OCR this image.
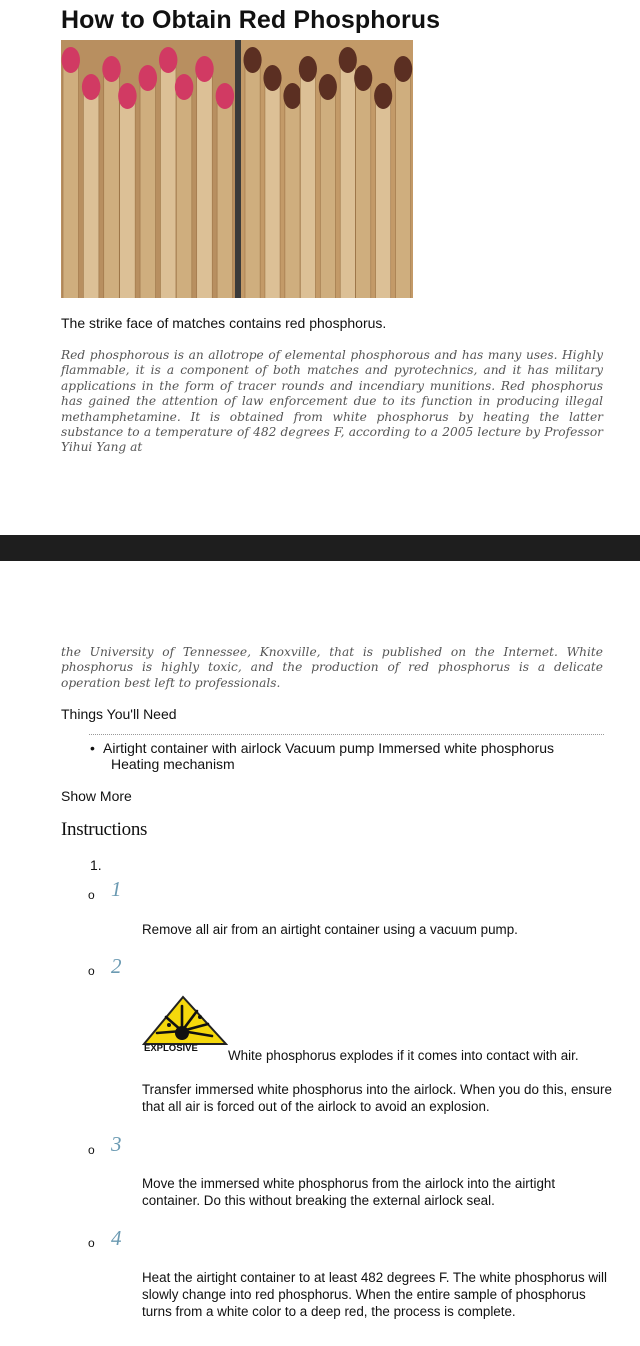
How to Obtain Red Phosphorus
The strike face of matches contains red phosphorus.

Red phosphorous is an allotrope of elemental phosphorous and has many uses. Highly flammable, it is a component of both matches and pyrotechnics, and it has military applications in the form of tracer rounds and incendiary munitions. Red phosphorus has gained the attention of law enforcement due to its function in producing illegal methamphetamine. It is obtained from white phosphorus by heating the latter substance to a temperature of 482 degrees F, according to a 2005 lecture by Professor Yihui Yang at

the University of Tennessee, Knoxville, that is published on the Internet. White phosphorus is highly toxic, and the production of red phosphorus is a delicate operation best left to professionals.

Things You'll Need
• Airtight container with airlock Vacuum pump Immersed white phosphorus
Heating mechanism
Show More
Instructions
1.
o 1
Remove all air from an airtight container using a vacuum pump.
o 2
EXPLOSIVE White phosphorus explodes if it comes into contact with air.
Transfer immersed white phosphorus into the airlock. When you do this, ensure that all air is forced out of the airlock to avoid an explosion.
o 3
Move the immersed white phosphorus from the airlock into the airtight container. Do this without breaking the external airlock seal.
o 4
Heat the airtight container to at least 482 degrees F. The white phosphorus will slowly change into red phosphorus. When the entire sample of phosphorus turns from a white color to a deep red, the process is complete.
